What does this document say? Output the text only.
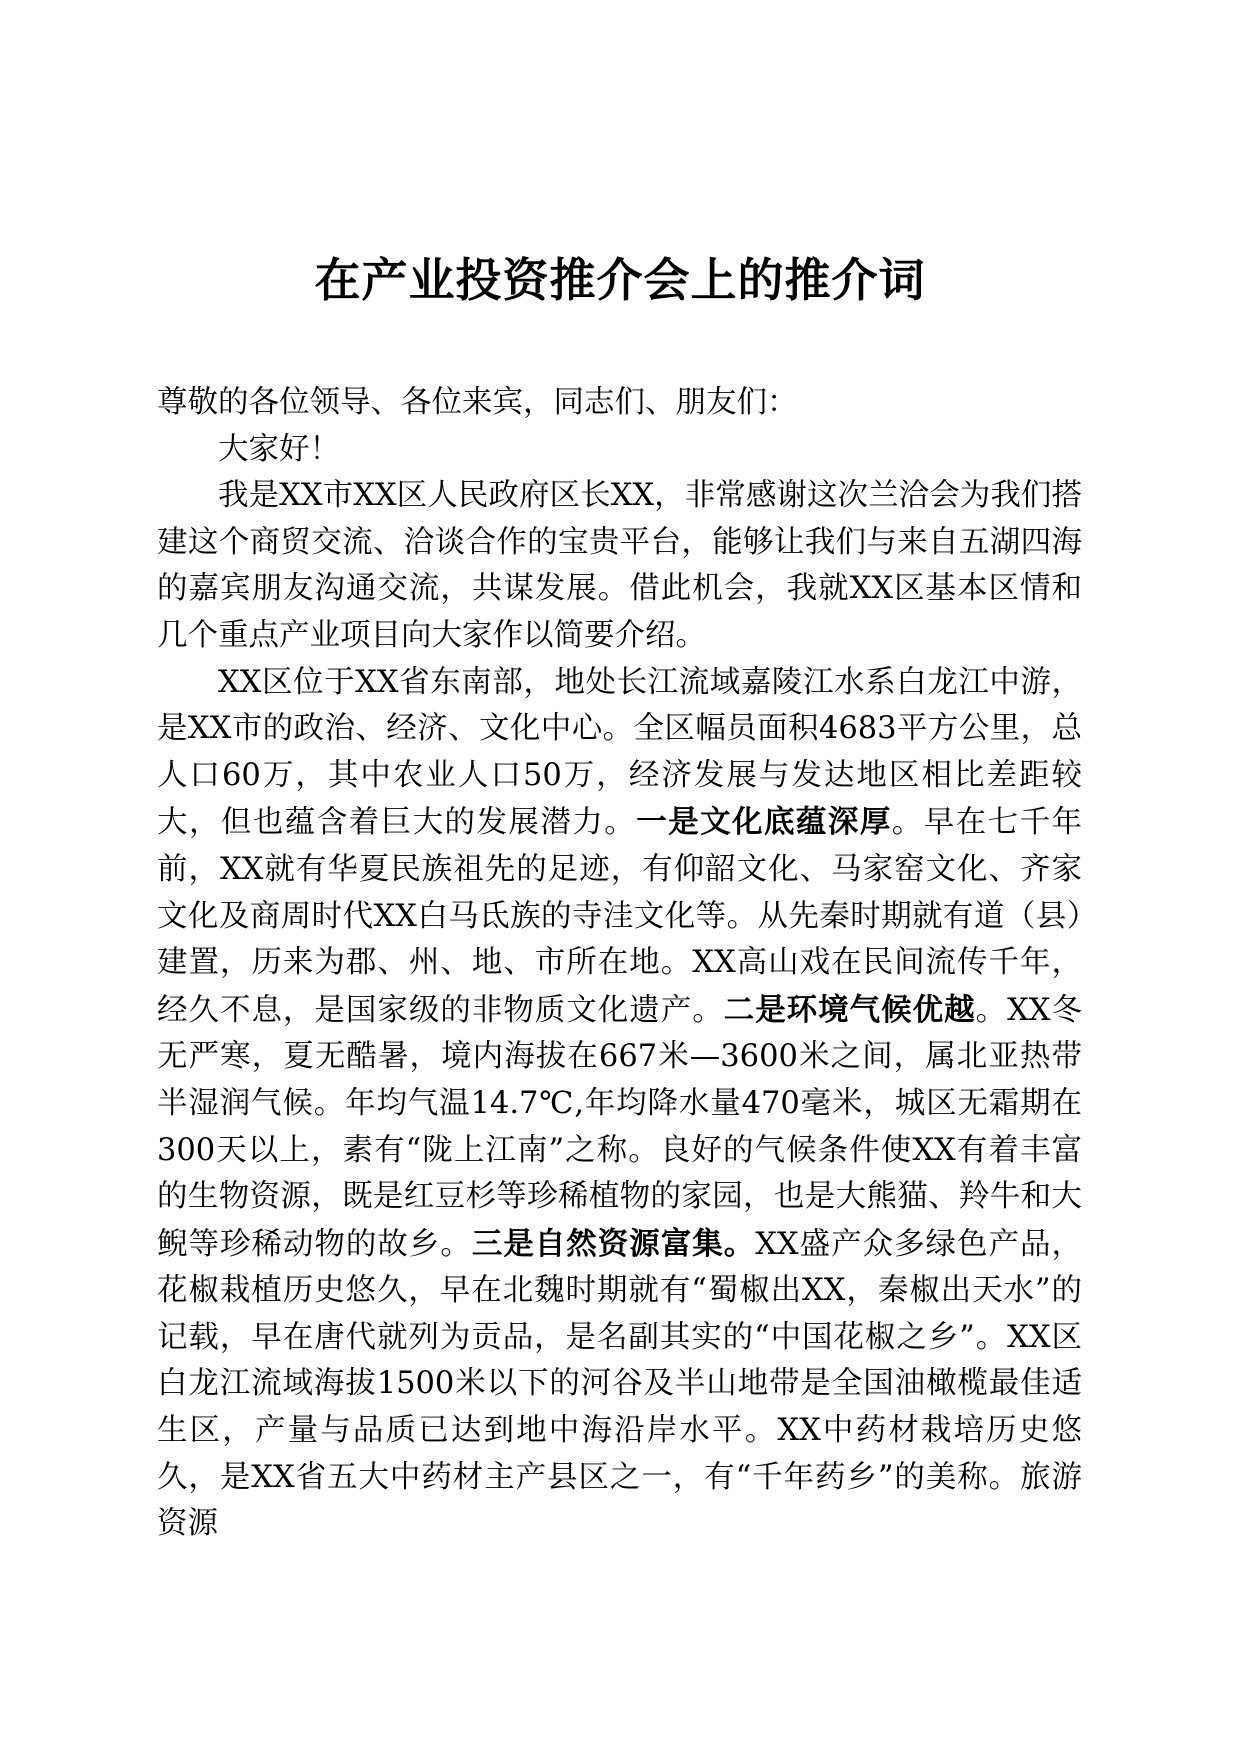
在产业投资推介会上的推介词

尊敬的各位领导、各位来宾，同志们、朋友们：

大家好！

我是XX市XX区人民政府区长XX，非常感谢这次兰洽会为我们搭建这个商贸交流、洽谈合作的宝贵平台，能够让我们与来自五湖四海的嘉宾朋友沟通交流，共谋发展。借此机会，我就XX区基本区情和几个重点产业项目向大家作以简要介绍。

XX区位于XX省东南部，地处长江流域嘉陵江水系白龙江中游，是XX市的政治、经济、文化中心。全区幅员面积4683平方公里，总人口60万，其中农业人口50万，经济发展与发达地区相比差距较大，但也蕴含着巨大的发展潜力。一是文化底蕴深厚。早在七千年前，XX就有华夏民族祖先的足迹，有仰韶文化、马家窑文化、齐家文化及商周时代XX白马氐族的寺洼文化等。从先秦时期就有道（县）建置，历来为郡、州、地、市所在地。XX高山戏在民间流传千年，经久不息，是国家级的非物质文化遗产。二是环境气候优越。XX冬无严寒，夏无酷暑，境内海拔在667米—3600米之间，属北亚热带半湿润气候。年均气温14.7℃,年均降水量470毫米，城区无霜期在300天以上，素有“陇上江南”之称。良好的气候条件使XX有着丰富的生物资源，既是红豆杉等珍稀植物的家园，也是大熊猫、羚牛和大鲵等珍稀动物的故乡。三是自然资源富集。XX盛产众多绿色产品，花椒栽植历史悠久，早在北魏时期就有“蜀椒出XX，秦椒出天水”的记载，早在唐代就列为贡品，是名副其实的“中国花椒之乡”。XX区白龙江流域海拔1500米以下的河谷及半山地带是全国油橄榄最佳适生区，产量与品质已达到地中海沿岸水平。XX中药材栽培历史悠久，是XX省五大中药材主产县区之一，有“千年药乡”的美称。旅游资源
